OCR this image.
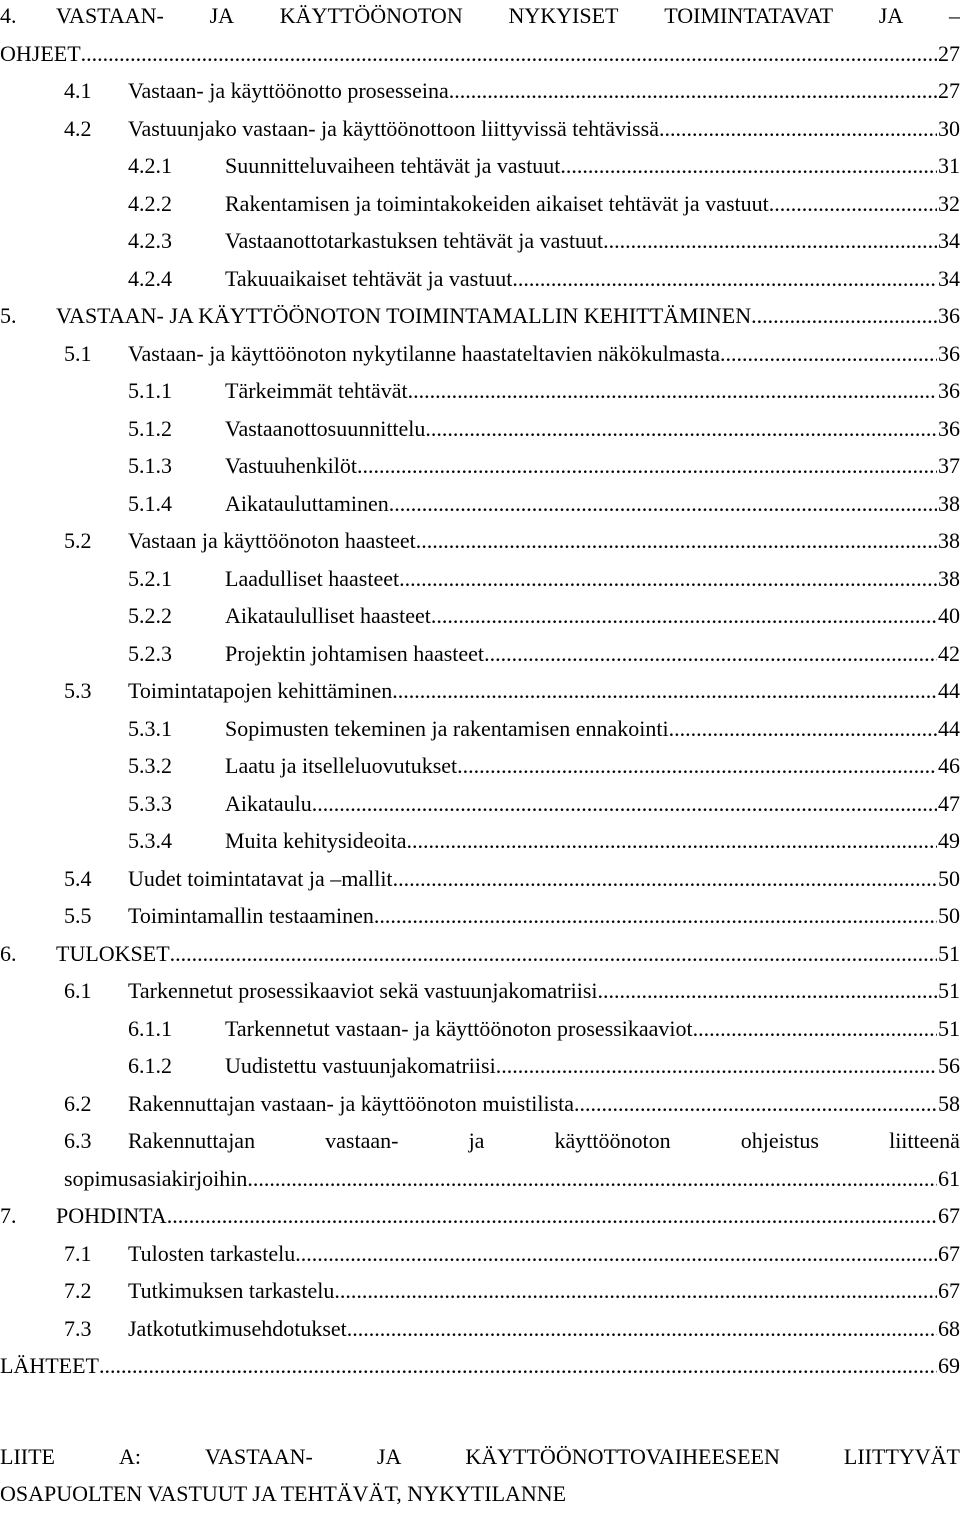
4. VASTAAN- JA KÄYTTÖÖNOTON NYKYISET TOIMINTATAVAT JA –
OHJEET .....	27
4.1 Vastaan- ja käyttöönotto prosesseina .....	27
4.2 Vastuunjako vastaan- ja käyttöönottoon liittyvissä tehtävissä .....	30
4.2.1 Suunnitteluvaiheen tehtävät ja vastuut .....	31
4.2.2 Rakentamisen ja toimintakokeiden aikaiset tehtävät ja vastuut .....	32
4.2.3 Vastaanottotarkastuksen tehtävät ja vastuut .....	34
4.2.4 Takuuaikaiset tehtävät ja vastuut .....	34
5. VASTAAN- JA KÄYTTÖÖNOTON TOIMINTAMALLIN KEHITTÄMINEN .....	36
5.1 Vastaan- ja käyttöönoton nykytilanne haastateltavien näkökulmasta .....	36
5.1.1 Tärkeimmät tehtävät .....	36
5.1.2 Vastaanottosuunnittelu .....	36
5.1.3 Vastuuhenkilöt .....	37
5.1.4 Aikatauluttaminen .....	38
5.2 Vastaan ja käyttöönoton haasteet .....	38
5.2.1 Laadulliset haasteet .....	38
5.2.2 Aikataululliset haasteet .....	40
5.2.3 Projektin johtamisen haasteet .....	42
5.3 Toimintatapojen kehittäminen .....	44
5.3.1 Sopimusten tekeminen ja rakentamisen ennakointi .....	44
5.3.2 Laatu ja itselleluovutukset .....	46
5.3.3 Aikataulu .....	47
5.3.4 Muita kehitysideoita .....	49
5.4 Uudet toimintatavat ja –mallit .....	50
5.5 Toimintamallin testaaminen .....	50
6. TULOKSET .....	51
6.1 Tarkennetut prosessikaaviot sekä vastuunjakomatriisi .....	51
6.1.1 Tarkennetut vastaan- ja käyttöönoton prosessikaaviot .....	51
6.1.2 Uudistettu vastuunjakomatriisi .....	56
6.2 Rakennuttajan vastaan- ja käyttöönoton muistilista .....	58
6.3 Rakennuttajan	vastaan-	ja	käyttöönoton	ohjeistus	liitteenä
sopimusasiakirjoihin .....	61
7. POHDINTA .....	67
7.1 Tulosten tarkastelu .....	67
7.2 Tutkimuksen tarkastelu .....	67
7.3 Jatkotutkimusehdotukset .....	68
LÄHTEET .....	69
LIITE	A:	VASTAAN-	JA	KÄYTTÖÖNOTTOVAIHEESEEN	LIITTYVÄT
OSAPUOLTEN VASTUUT JA TEHTÄVÄT, NYKYTILANNE
